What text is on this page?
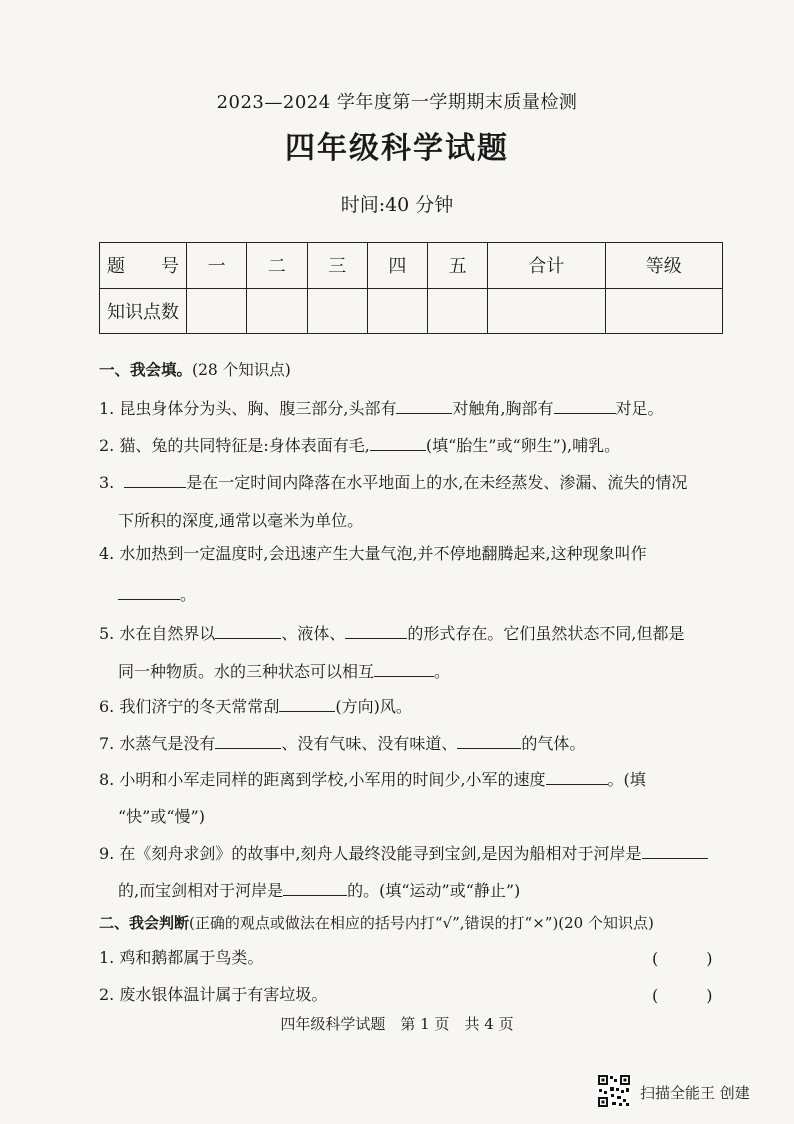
2023—2024 学年度第一学期期末质量检测
四年级科学试题
时间:40 分钟
题　　号	一	二	三	四	五	合计	等级
知识点数							
一、我会填。(28 个知识点)
1. 昆虫身体分为头、胸、腹三部分,头部有	对触角,胸部有	对足。
2. 猫、兔的共同特征是:身体表面有毛,	(填“胎生”或“卵生”),哺乳。
3.	是在一定时间内降落在水平地面上的水,在未经蒸发、渗漏、流失的情况
下所积的深度,通常以毫米为单位。
4. 水加热到一定温度时,会迅速产生大量气泡,并不停地翻腾起来,这种现象叫作
。
5. 水在自然界以	、液体、	的形式存在。它们虽然状态不同,但都是
同一种物质。水的三种状态可以相互	。
6. 我们济宁的冬天常常刮	(方向)风。
7. 水蒸气是没有	、没有气味、没有味道、	的气体。
8. 小明和小军走同样的距离到学校,小军用的时间少,小军的速度	。(填
“快”或“慢”)
9. 在《刻舟求剑》的故事中,刻舟人最终没能寻到宝剑,是因为船相对于河岸是
的,而宝剑相对于河岸是	的。(填“运动”或“静止”)
二、我会判断(正确的观点或做法在相应的括号内打“√”,错误的打“×”)(20 个知识点)
1. 鸡和鹅都属于鸟类。	(　　　)
2. 废水银体温计属于有害垃圾。	(　　　)
四年级科学试题　第 1 页　共 4 页
扫描全能王 创建
